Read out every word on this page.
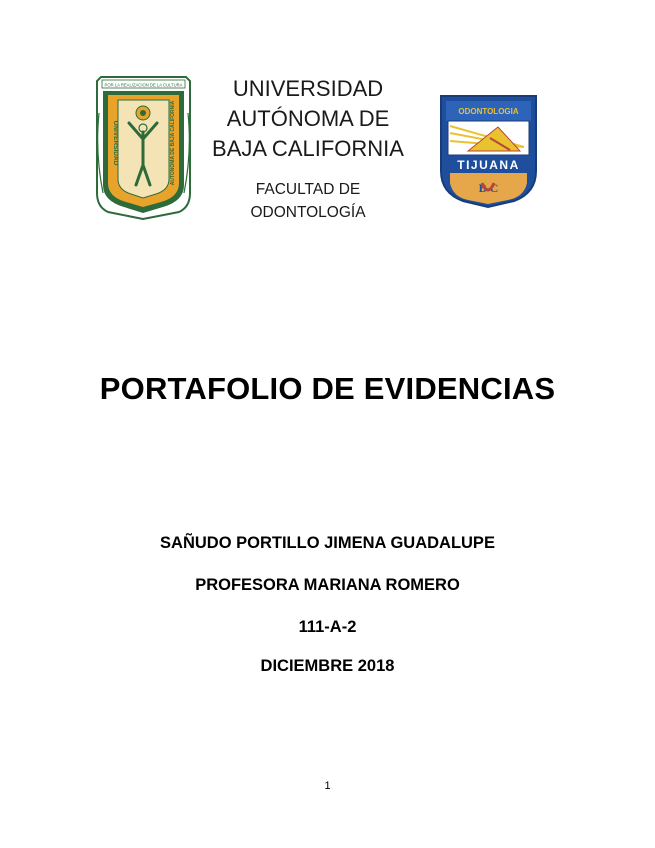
POR LA REALIZACION DE LA CULTURA
UNIVERSIDAD	AUTONOMA DE BAJA CALIFORNIA
UNIVERSIDAD
AUTÓNOMA DE
BAJA CALIFORNIA
FACULTAD DE
ODONTOLOGÍA
ODONTOLOGIA
TIJUANA
B C
PORTAFOLIO DE EVIDENCIAS
SAÑUDO PORTILLO JIMENA GUADALUPE
PROFESORA MARIANA ROMERO
111-A-2
DICIEMBRE 2018
1
